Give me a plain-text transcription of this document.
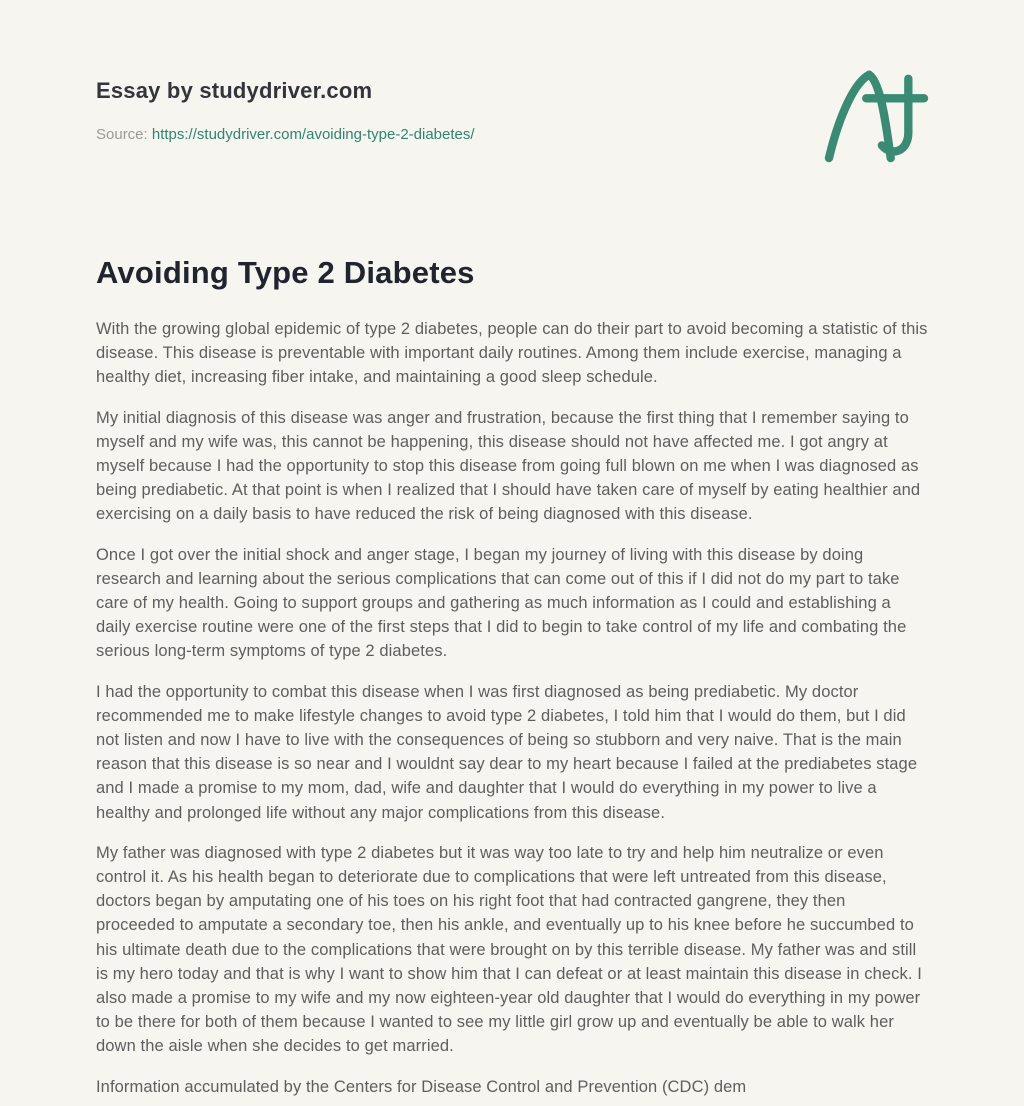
Essay by studydriver.com
Source: https://studydriver.com/avoiding-type-2-diabetes/
Avoiding Type 2 Diabetes

With the growing global epidemic of type 2 diabetes, people can do their part to avoid becoming a statistic of this disease. This disease is preventable with important daily routines. Among them include exercise, managing a healthy diet, increasing fiber intake, and maintaining a good sleep schedule.

My initial diagnosis of this disease was anger and frustration, because the first thing that I remember saying to myself and my wife was, this cannot be happening, this disease should not have affected me. I got angry at myself because I had the opportunity to stop this disease from going full blown on me when I was diagnosed as being prediabetic. At that point is when I realized that I should have taken care of myself by eating healthier and exercising on a daily basis to have reduced the risk of being diagnosed with this disease.

Once I got over the initial shock and anger stage, I began my journey of living with this disease by doing research and learning about the serious complications that can come out of this if I did not do my part to take care of my health. Going to support groups and gathering as much information as I could and establishing a daily exercise routine were one of the first steps that I did to begin to take control of my life and combating the serious long-term symptoms of type 2 diabetes.

I had the opportunity to combat this disease when I was first diagnosed as being prediabetic. My doctor recommended me to make lifestyle changes to avoid type 2 diabetes, I told him that I would do them, but I did not listen and now I have to live with the consequences of being so stubborn and very naive. That is the main reason that this disease is so near and I wouldnt say dear to my heart because I failed at the prediabetes stage and I made a promise to my mom, dad, wife and daughter that I would do everything in my power to live a healthy and prolonged life without any major complications from this disease.

My father was diagnosed with type 2 diabetes but it was way too late to try and help him neutralize or even control it. As his health began to deteriorate due to complications that were left untreated from this disease, doctors began by amputating one of his toes on his right foot that had contracted gangrene, they then proceeded to amputate a secondary toe, then his ankle, and eventually up to his knee before he succumbed to his ultimate death due to the complications that were brought on by this terrible disease. My father was and still is my hero today and that is why I want to show him that I can defeat or at least maintain this disease in check. I also made a promise to my wife and my now eighteen-year old daughter that I would do everything in my power to be there for both of them because I wanted to see my little girl grow up and eventually be able to walk her down the aisle when she decides to get married.

Information accumulated by the Centers for Disease Control and Prevention (CDC) dem
